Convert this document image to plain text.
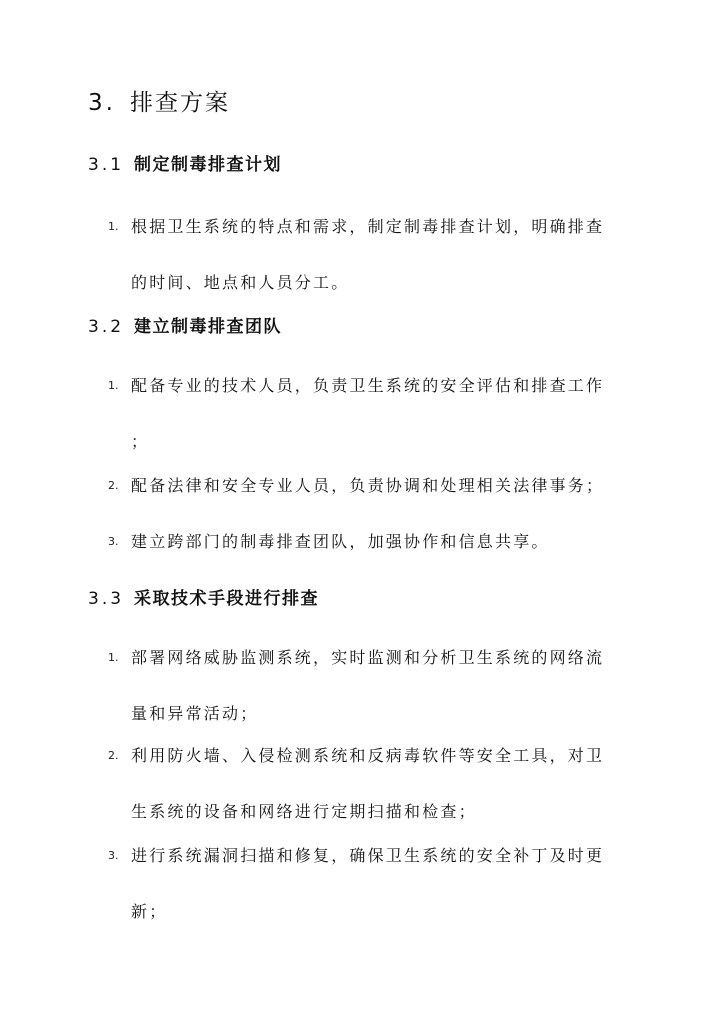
3. 排查方案
3.1 制定制毒排查计划
1. 根据卫生系统的特点和需求，制定制毒排查计划，明确排查
的时间、地点和人员分工。
3.2 建立制毒排查团队
1. 配备专业的技术人员，负责卫生系统的安全评估和排查工作
；
2. 配备法律和安全专业人员，负责协调和处理相关法律事务；
3. 建立跨部门的制毒排查团队，加强协作和信息共享。
3.3 采取技术手段进行排查
1. 部署网络威胁监测系统，实时监测和分析卫生系统的网络流
量和异常活动；
2. 利用防火墙、入侵检测系统和反病毒软件等安全工具，对卫
生系统的设备和网络进行定期扫描和检查；
3. 进行系统漏洞扫描和修复，确保卫生系统的安全补丁及时更
新；
